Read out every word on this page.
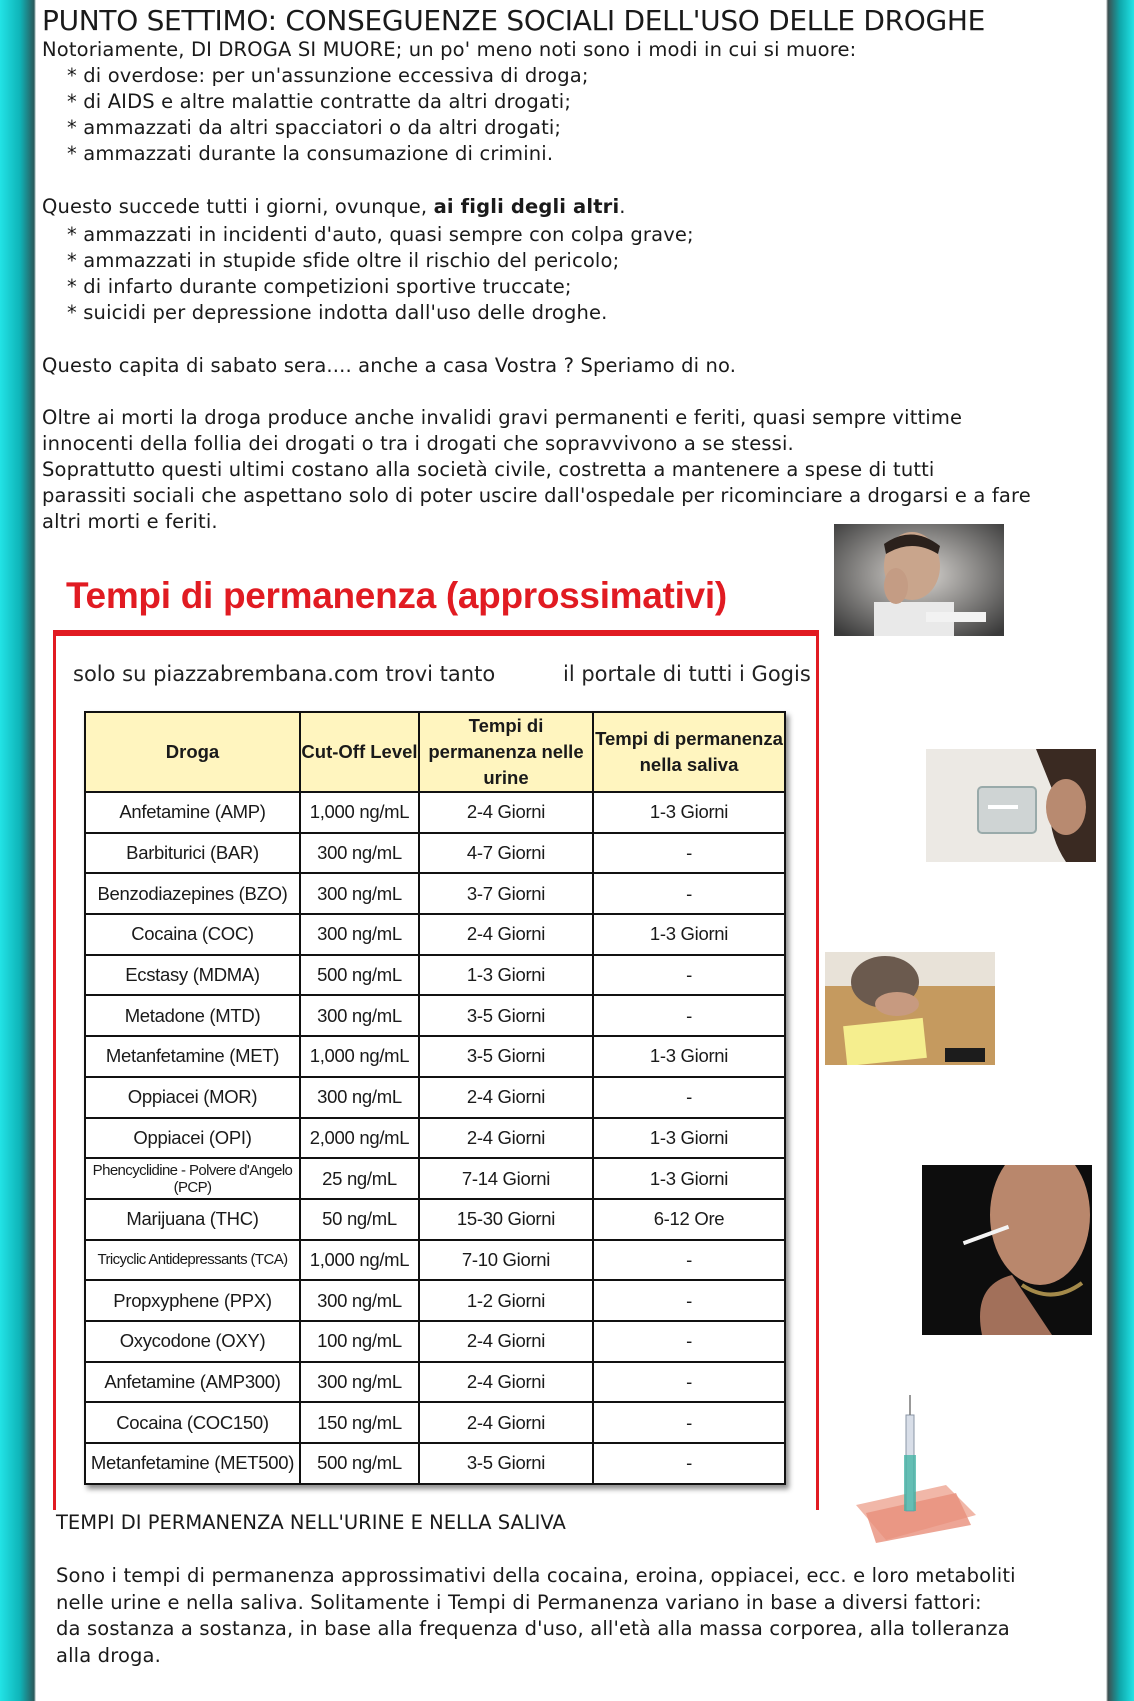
PUNTO SETTIMO: CONSEGUENZE SOCIALI DELL'USO DELLE DROGHE
Notoriamente, DI DROGA SI MUORE; un po' meno noti sono i modi in cui si muore:
* di overdose: per un'assunzione eccessiva di droga;
* di AIDS e altre malattie contratte da altri drogati;
* ammazzati da altri spacciatori o da altri drogati;
* ammazzati durante la consumazione di crimini.
Questo succede tutti i giorni, ovunque, ai figli degli altri.
* ammazzati in incidenti d'auto, quasi sempre con colpa grave;
* ammazzati in stupide sfide oltre il rischio del pericolo;
* di infarto durante competizioni sportive truccate;
* suicidi per depressione indotta dall'uso delle droghe.
Questo capita di sabato sera.... anche a casa Vostra ? Speriamo di no.
Oltre ai morti la droga produce anche invalidi gravi permanenti e feriti, quasi sempre vittime
innocenti della follia dei drogati o tra i drogati che sopravvivono a se stessi.
Soprattutto questi ultimi costano alla società civile, costretta a mantenere a spese di tutti
parassiti sociali che aspettano solo di poter uscire dall'ospedale per ricominciare a drogarsi e a fare
altri morti e feriti.
Tempi di permanenza (approssimativi)
solo su piazzabrembana.com trovi tanto	il portale di tutti i Gogis
Droga	Cut-Off Level	Tempi di permanenza nelle urine	Tempi di permanenza nella saliva
Anfetamine (AMP)	1,000 ng/mL	2-4 Giorni	1-3 Giorni
Barbiturici (BAR)	300 ng/mL	4-7 Giorni	-
Benzodiazepines (BZO)	300 ng/mL	3-7 Giorni	-
Cocaina (COC)	300 ng/mL	2-4 Giorni	1-3 Giorni
Ecstasy (MDMA)	500 ng/mL	1-3 Giorni	-
Metadone (MTD)	300 ng/mL	3-5 Giorni	-
Metanfetamine (MET)	1,000 ng/mL	3-5 Giorni	1-3 Giorni
Oppiacei (MOR)	300 ng/mL	2-4 Giorni	-
Oppiacei (OPI)	2,000 ng/mL	2-4 Giorni	1-3 Giorni
Phencyclidine - Polvere d'Angelo (PCP)	25 ng/mL	7-14 Giorni	1-3 Giorni
Marijuana (THC)	50 ng/mL	15-30 Giorni	6-12 Ore
Tricyclic Antidepressants (TCA)	1,000 ng/mL	7-10 Giorni	-
Propxyphene (PPX)	300 ng/mL	1-2 Giorni	-
Oxycodone (OXY)	100 ng/mL	2-4 Giorni	-
Anfetamine (AMP300)	300 ng/mL	2-4 Giorni	-
Cocaina (COC150)	150 ng/mL	2-4 Giorni	-
Metanfetamine (MET500)	500 ng/mL	3-5 Giorni	-
TEMPI DI PERMANENZA NELL'URINE E NELLA SALIVA
Sono i tempi di permanenza approssimativi della cocaina, eroina, oppiacei, ecc. e loro metaboliti
nelle urine e nella saliva. Solitamente i Tempi di Permanenza variano in base a diversi fattori:
da sostanza a sostanza, in base alla frequenza d'uso, all'età alla massa corporea, alla tolleranza
alla droga.
